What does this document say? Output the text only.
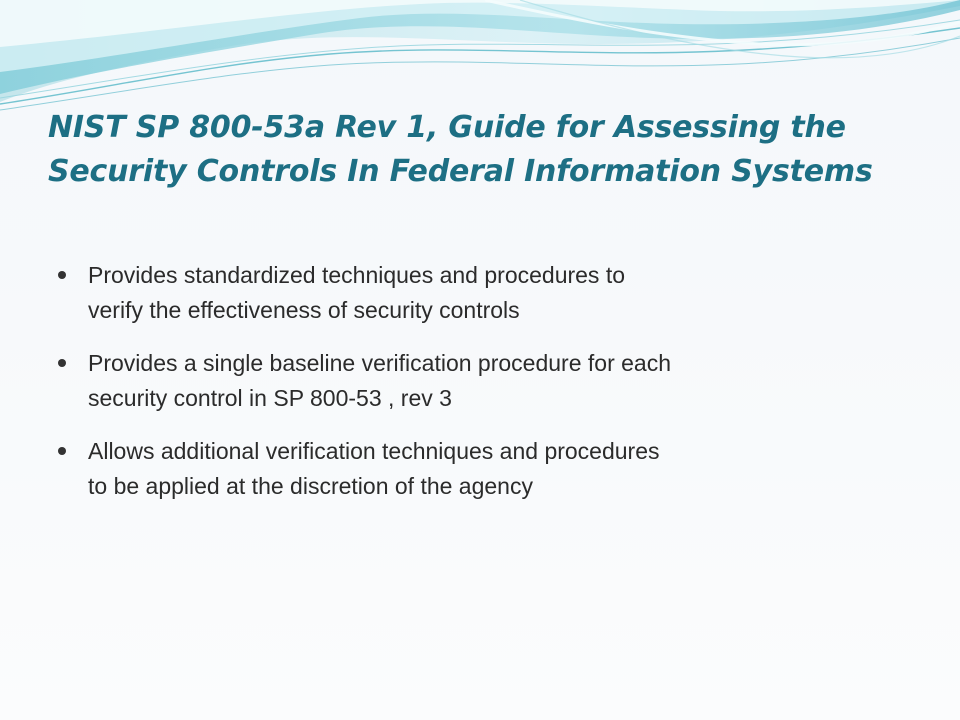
NIST SP 800-53a Rev 1, Guide for Assessing the
Security Controls In Federal Information Systems
Provides standardized techniques and procedures to
verify the effectiveness of security controls
Provides a single baseline verification procedure for each
security control in SP 800-53 , rev 3
Allows additional verification techniques and procedures
to be applied at the discretion of the agency
